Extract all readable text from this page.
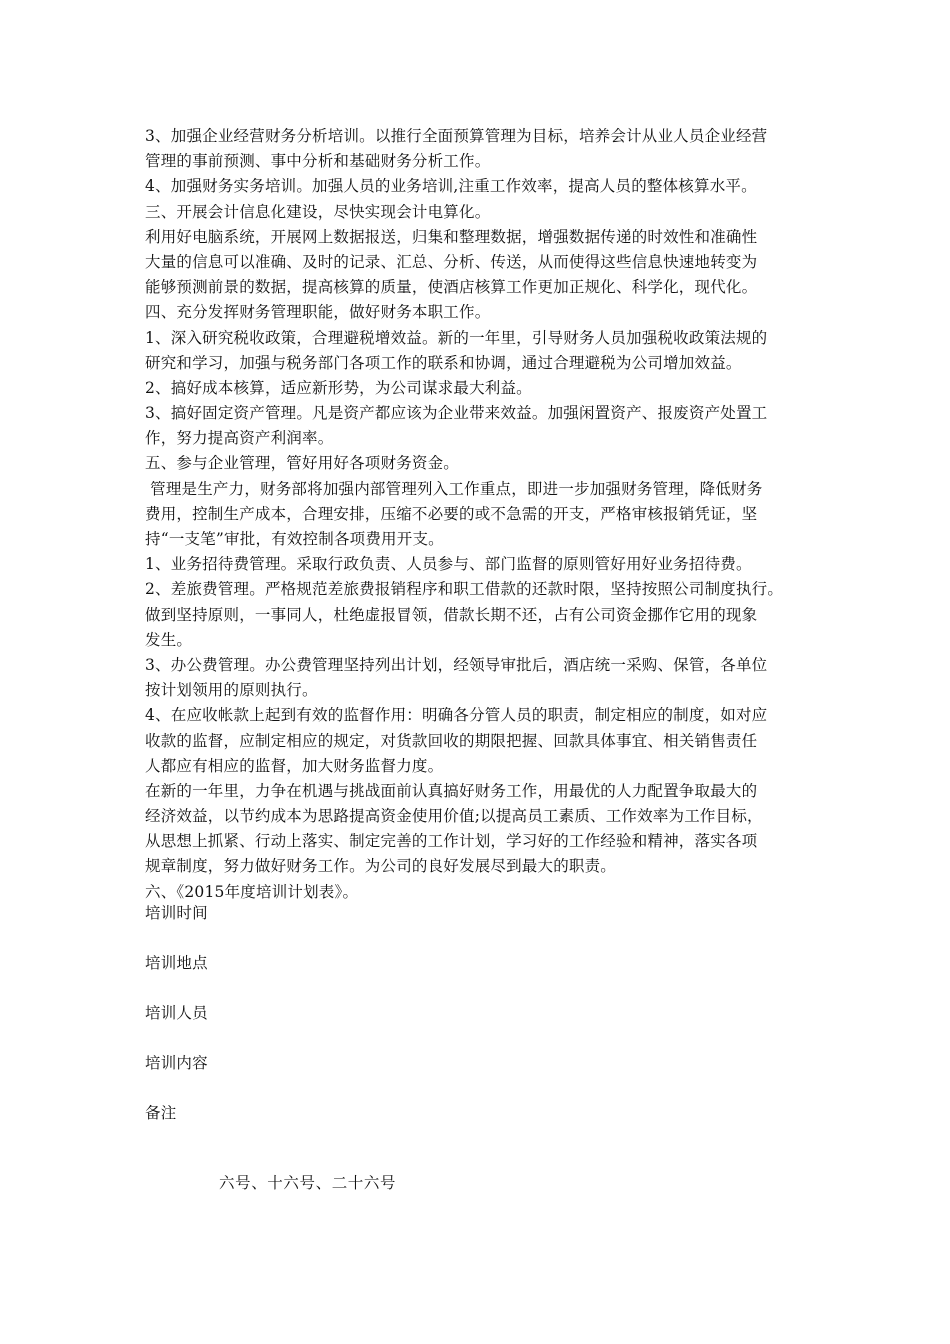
3、加强企业经营财务分析培训。以推行全面预算管理为目标，培养会计从业人员企业经营
管理的事前预测、事中分析和基础财务分析工作。
4、加强财务实务培训。加强人员的业务培训,注重工作效率，提高人员的整体核算水平。
三、开展会计信息化建设，尽快实现会计电算化。
利用好电脑系统，开展网上数据报送，归集和整理数据，增强数据传递的时效性和准确性
大量的信息可以准确、及时的记录、汇总、分析、传送，从而使得这些信息快速地转变为
能够预测前景的数据，提高核算的质量，使酒店核算工作更加正规化、科学化，现代化。
四、充分发挥财务管理职能，做好财务本职工作。
1、深入研究税收政策，合理避税增效益。新的一年里，引导财务人员加强税收政策法规的
研究和学习，加强与税务部门各项工作的联系和协调，通过合理避税为公司增加效益。
2、搞好成本核算，适应新形势，为公司谋求最大利益。
3、搞好固定资产管理。凡是资产都应该为企业带来效益。加强闲置资产、报废资产处置工
作，努力提高资产利润率。
五、参与企业管理，管好用好各项财务资金。
管理是生产力，财务部将加强内部管理列入工作重点，即进一步加强财务管理，降低财务
费用，控制生产成本，合理安排，压缩不必要的或不急需的开支，严格审核报销凭证，坚
持“一支笔”审批，有效控制各项费用开支。
1、业务招待费管理。采取行政负责、人员参与、部门监督的原则管好用好业务招待费。
2、差旅费管理。严格规范差旅费报销程序和职工借款的还款时限，坚持按照公司制度执行。
做到坚持原则，一事同人，杜绝虚报冒领，借款长期不还，占有公司资金挪作它用的现象
发生。
3、办公费管理。办公费管理坚持列出计划，经领导审批后，酒店统一采购、保管，各单位
按计划领用的原则执行。
4、在应收帐款上起到有效的监督作用：明确各分管人员的职责，制定相应的制度，如对应
收款的监督，应制定相应的规定，对货款回收的期限把握、回款具体事宜、相关销售责任
人都应有相应的监督，加大财务监督力度。
在新的一年里，力争在机遇与挑战面前认真搞好财务工作，用最优的人力配置争取最大的
经济效益，以节约成本为思路提高资金使用价值;以提高员工素质、工作效率为工作目标，
从思想上抓紧、行动上落实、制定完善的工作计划，学习好的工作经验和精神，落实各项
规章制度，努力做好财务工作。为公司的良好发展尽到最大的职责。
六、《2015年度培训计划表》。
培训时间
培训地点
培训人员
培训内容
备注
六号、十六号、二十六号
